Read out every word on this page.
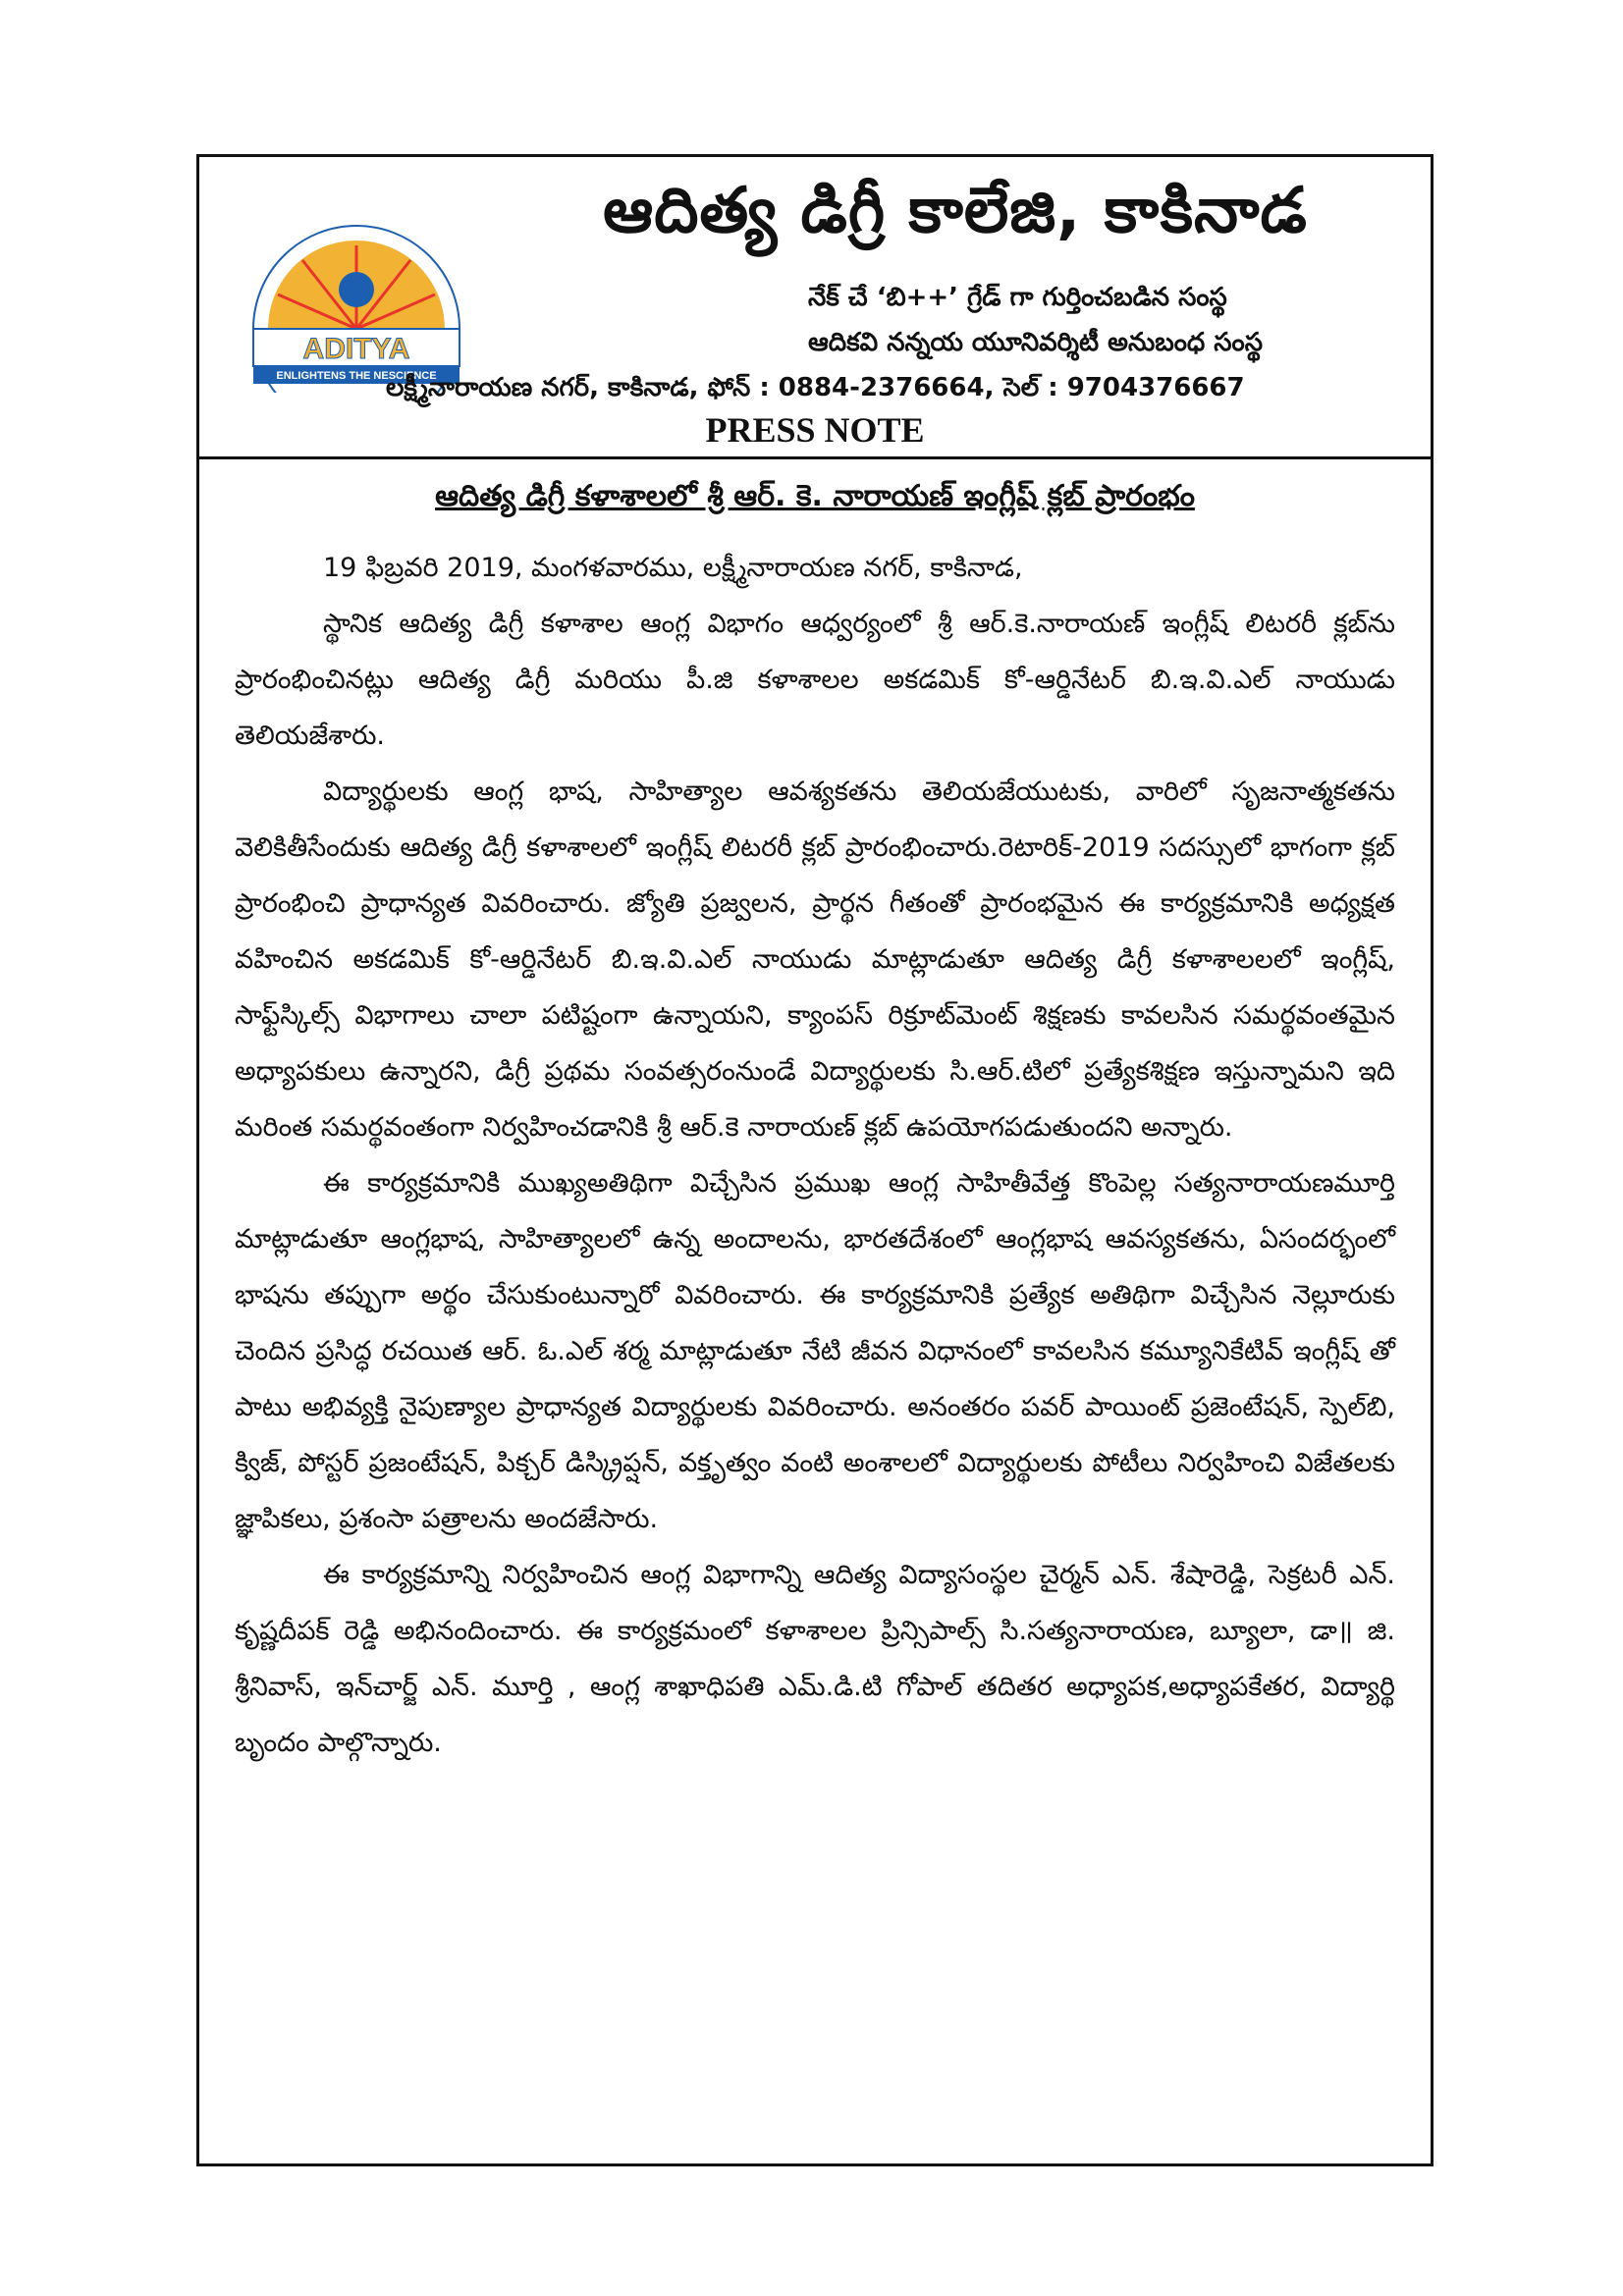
ADITYA
ENLIGHTENS THE NESCIENCE
ఆదిత్య డిగ్రీ కాలేజి, కాకినాడ
నేక్ చే ‘బి++’ గ్రేడ్ గా గుర్తించబడిన సంస్థ
ఆదికవి నన్నయ యూనివర్శిటీ అనుబంధ సంస్థ
లక్ష్మీనారాయణ నగర్, కాకినాడ, ఫోన్ : 0884-2376664, సెల్ : 9704376667
PRESS NOTE
ఆదిత్య డిగ్రీ కళాశాలలో శ్రీ ఆర్. కె. నారాయణ్ ఇంగ్లీష్ క్లబ్ ప్రారంభం

19 ఫిబ్రవరి 2019, మంగళవారము, లక్ష్మీనారాయణ నగర్, కాకినాడ,

స్థానిక ఆదిత్య డిగ్రీ కళాశాల ఆంగ్ల విభాగం ఆధ్వర్యంలో శ్రీ ఆర్.కె.నారాయణ్ ఇంగ్లీష్ లిటరరీ క్లబ్‌ను ప్రారంభించినట్లు ఆదిత్య డిగ్రీ మరియు పీ.జి కళాశాలల అకడమిక్ కో-ఆర్డినేటర్ బి.ఇ.వి.ఎల్ నాయుడు తెలియజేశారు.

విద్యార్థులకు ఆంగ్ల భాష, సాహిత్యాల ఆవశ్యకతను తెలియజేయుటకు, వారిలో సృజనాత్మకతను వెలికితీసేందుకు ఆదిత్య డిగ్రీ కళాశాలలో ఇంగ్లీష్ లిటరరీ క్లబ్ ప్రారంభించారు.రెటారిక్-2019 సదస్సులో భాగంగా క్లబ్ ప్రారంభించి ప్రాధాన్యత వివరించారు. జ్యోతి ప్రజ్వలన, ప్రార్థన గీతంతో ప్రారంభమైన ఈ కార్యక్రమానికి అధ్యక్షత వహించిన అకడమిక్ కో-ఆర్డినేటర్ బి.ఇ.వి.ఎల్ నాయుడు మాట్లాడుతూ ఆదిత్య డిగ్రీ కళాశాలలలో ఇంగ్లీష్, సాఫ్ట్‌స్కిల్స్ విభాగాలు చాలా పటిష్టంగా ఉన్నాయని, క్యాంపస్ రిక్రూట్‌మెంట్ శిక్షణకు కావలసిన సమర్థవంతమైన అధ్యాపకులు ఉన్నారని, డిగ్రీ ప్రథమ సంవత్సరంనుండే విద్యార్థులకు సి.ఆర్.టిలో ప్రత్యేకశిక్షణ ఇస్తున్నామని ఇది మరింత సమర్థవంతంగా నిర్వహించడానికి శ్రీ ఆర్.కె నారాయణ్ క్లబ్ ఉపయోగపడుతుందని అన్నారు.

ఈ కార్యక్రమానికి ముఖ్యఅతిథిగా విచ్చేసిన ప్రముఖ ఆంగ్ల సాహితీవేత్త కొంపెల్ల సత్యనారాయణమూర్తి మాట్లాడుతూ ఆంగ్లభాష, సాహిత్యాలలో ఉన్న అందాలను, భారతదేశంలో ఆంగ్లభాష ఆవస్యకతను, ఏసందర్భంలో భాషను తప్పుగా అర్థం చేసుకుంటున్నారో వివరించారు. ఈ కార్యక్రమానికి ప్రత్యేక అతిథిగా విచ్చేసిన నెల్లూరుకు చెందిన ప్రసిద్ధ రచయిత ఆర్. ఓ.ఎల్ శర్మ మాట్లాడుతూ నేటి జీవన విధానంలో కావలసిన కమ్యూనికేటివ్ ఇంగ్లీష్ తో పాటు అభివ్యక్తి నైపుణ్యాల ప్రాధాన్యత విద్యార్థులకు వివరించారు. అనంతరం పవర్ పాయింట్ ప్రజెంటేషన్, స్పెల్‌బి, క్విజ్, పోస్టర్ ప్రజంటేషన్, పిక్చర్ డిస్క్రిప్షన్, వక్తృత్వం వంటి అంశాలలో విద్యార్థులకు పోటీలు నిర్వహించి విజేతలకు జ్ఞాపికలు, ప్రశంసా పత్రాలను అందజేసారు.

ఈ కార్యక్రమాన్ని నిర్వహించిన ఆంగ్ల విభాగాన్ని ఆదిత్య విద్యాసంస్థల చైర్మన్ ఎన్. శేషారెడ్డి, సెక్రటరీ ఎన్. కృష్ణదీపక్ రెడ్డి అభినందించారు. ఈ కార్యక్రమంలో కళాశాలల ప్రిన్సిపాల్స్ సి.సత్యనారాయణ, బ్యూలా, డా॥ జి. శ్రీనివాస్, ఇన్‌చార్జ్ ఎన్. మూర్తి , ఆంగ్ల శాఖాధిపతి ఎమ్.డి.టి గోపాల్ తదితర అధ్యాపక,అధ్యాపకేతర, విద్యార్థి బృందం పాల్గొన్నారు.
